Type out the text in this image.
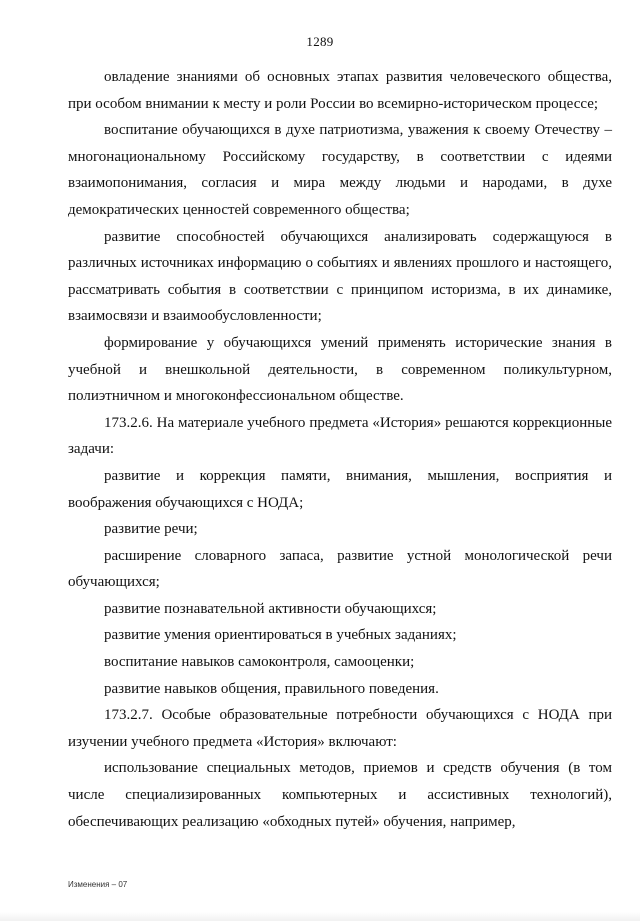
1289

овладение знаниями об основных этапах развития человеческого общества, при особом внимании к месту и роли России во всемирно-историческом процессе;

воспитание обучающихся в духе патриотизма, уважения к своему Отечеству – многонациональному Российскому государству, в соответствии с идеями взаимопонимания, согласия и мира между людьми и народами, в духе демократических ценностей современного общества;

развитие способностей обучающихся анализировать содержащуюся в различных источниках информацию о событиях и явлениях прошлого и настоящего, рассматривать события в соответствии с принципом историзма, в их динамике, взаимосвязи и взаимообусловленности;

формирование у обучающихся умений применять исторические знания в учебной и внешкольной деятельности, в современном поликультурном, полиэтничном и многоконфессиональном обществе.

173.2.6. На материале учебного предмета «История» решаются коррекционные задачи:

развитие и коррекция памяти, внимания, мышления, восприятия и воображения обучающихся с НОДА;

развитие речи;

расширение словарного запаса, развитие устной монологической речи обучающихся;

развитие познавательной активности обучающихся;

развитие умения ориентироваться в учебных заданиях;

воспитание навыков самоконтроля, самооценки;

развитие навыков общения, правильного поведения.

173.2.7. Особые образовательные потребности обучающихся с НОДА при изучении учебного предмета «История» включают:

использование специальных методов, приемов и средств обучения (в том числе специализированных компьютерных и ассистивных технологий), обеспечивающих реализацию «обходных путей» обучения, например,

Изменения – 07
